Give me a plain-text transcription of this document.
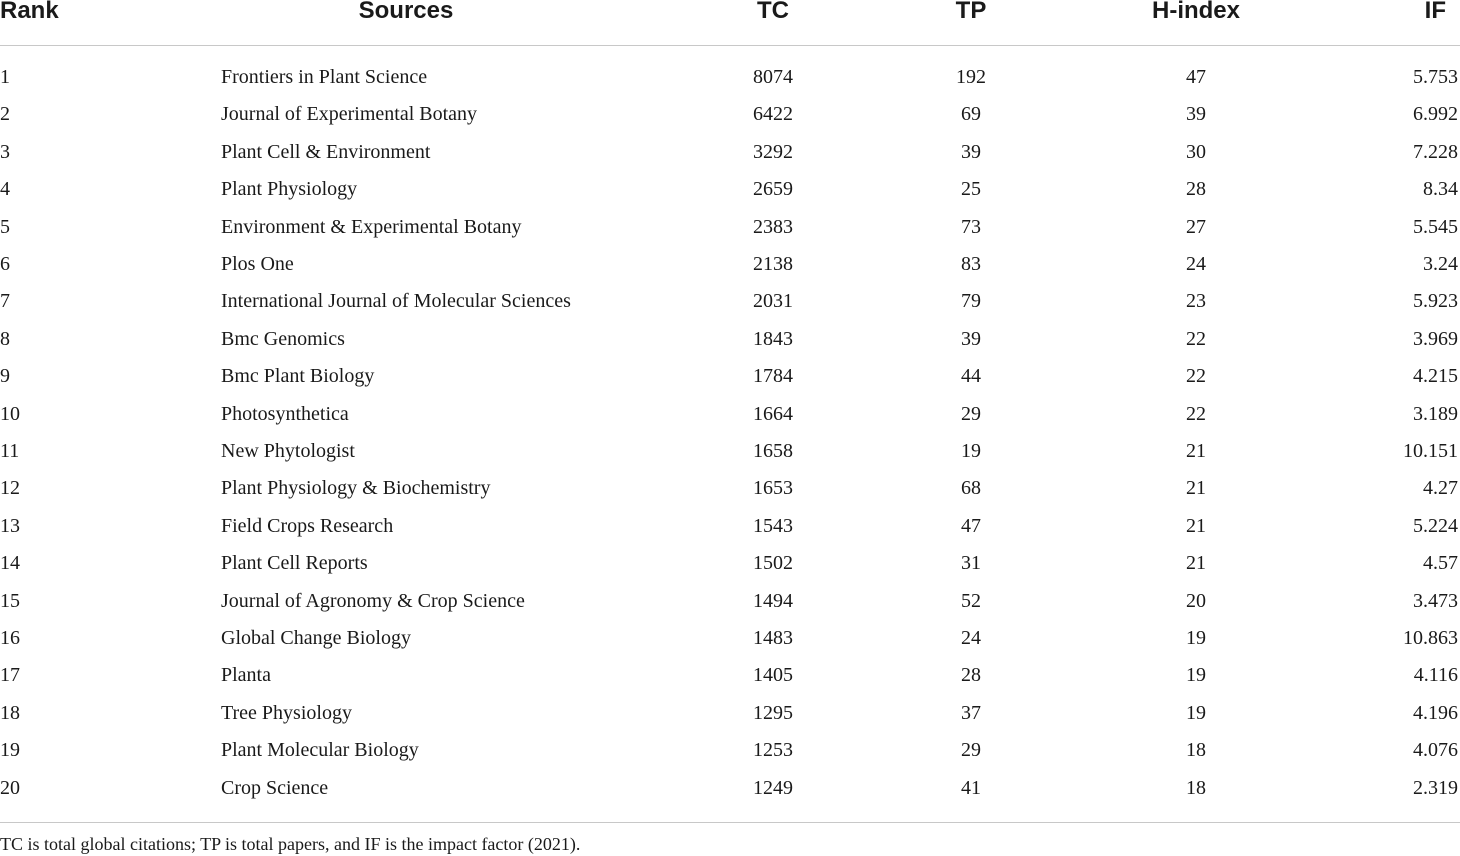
Rank	Sources	TC	TP	H-index	IF
1	Frontiers in Plant Science	8074	192	47	5.753
2	Journal of Experimental Botany	6422	69	39	6.992
3	Plant Cell & Environment	3292	39	30	7.228
4	Plant Physiology	2659	25	28	8.34
5	Environment & Experimental Botany	2383	73	27	5.545
6	Plos One	2138	83	24	3.24
7	International Journal of Molecular Sciences	2031	79	23	5.923
8	Bmc Genomics	1843	39	22	3.969
9	Bmc Plant Biology	1784	44	22	4.215
10	Photosynthetica	1664	29	22	3.189
11	New Phytologist	1658	19	21	10.151
12	Plant Physiology & Biochemistry	1653	68	21	4.27
13	Field Crops Research	1543	47	21	5.224
14	Plant Cell Reports	1502	31	21	4.57
15	Journal of Agronomy & Crop Science	1494	52	20	3.473
16	Global Change Biology	1483	24	19	10.863
17	Planta	1405	28	19	4.116
18	Tree Physiology	1295	37	19	4.196
19	Plant Molecular Biology	1253	29	18	4.076
20	Crop Science	1249	41	18	2.319
TC is total global citations; TP is total papers, and IF is the impact factor (2021).
